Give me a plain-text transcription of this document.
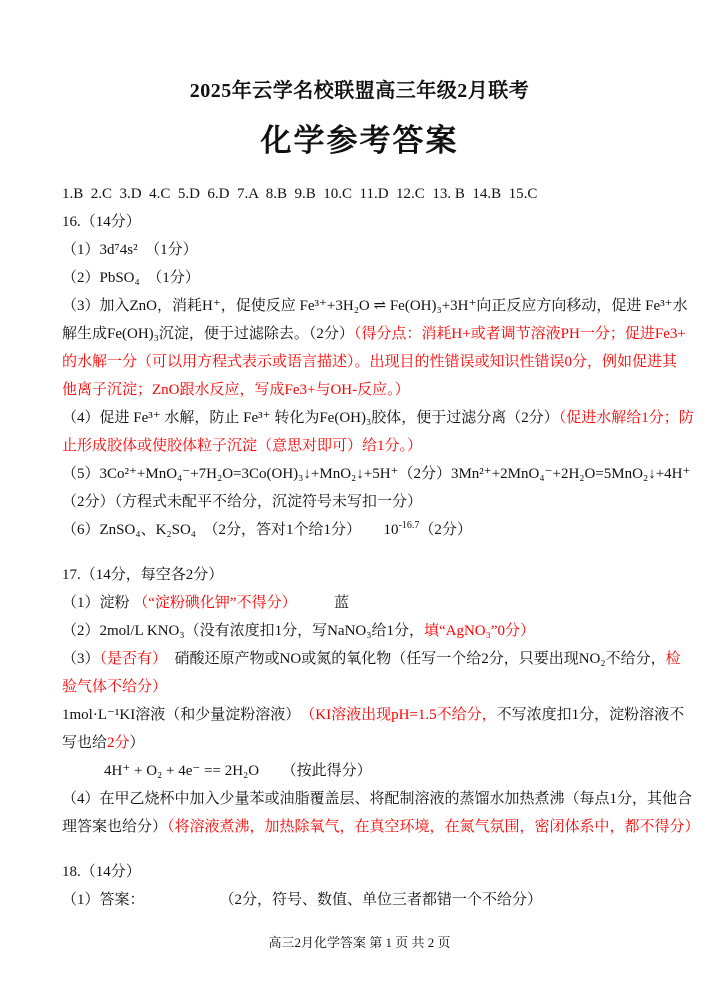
2025年云学名校联盟高三年级2月联考
化学参考答案
1.B  2.C  3.D  4.C  5.D  6.D  7.A  8.B  9.B  10.C  11.D  12.C  13. B  14.B  15.C
16.（14分）
（1）3d⁷4s²　（1分）
（2）PbSO₄　（1分）
（3）加入ZnO，消耗H⁺，促使反应 Fe³⁺+3H₂O ⇌ Fe(OH)₃+3H⁺向正反应方向移动，促进 Fe³⁺水
解生成Fe(OH)₃沉淀，便于过滤除去。（2分）（得分点：消耗H+或者调节溶液PH一分；促进Fe3+
的水解一分（可以用方程式表示或语言描述）。出现目的性错误或知识性错误0分，例如促进其
他离子沉淀；ZnO跟水反应，写成Fe3+与OH-反应。）
（4）促进 Fe³⁺ 水解，防止 Fe³⁺ 转化为Fe(OH)₃胶体，便于过滤分离（2分）（促进水解给1分；防
止形成胶体或使胶体粒子沉淀（意思对即可）给1分。）
（5）3Co²⁺+MnO₄⁻+7H₂O=3Co(OH)₃↓+MnO₂↓+5H⁺（2分）3Mn²⁺+2MnO₄⁻+2H₂O=5MnO₂↓+4H⁺
（2分）（方程式未配平不给分，沉淀符号未写扣一分）
（6）ZnSO₄、K₂SO₄　（2分，答对1个给1分）　　$10^{-16.7}(2$分）
17.（14分，每空各2分）
（1）淀粉 （“淀粉碘化钾”不得分）　　　蓝
（2）2mol/L KNO₃（没有浓度扣1分，写NaNO₃给1分，填“AgNO₃”0分）
（3）（是否有）　硝酸还原产物或NO或氮的氧化物（任写一个给2分，只要出现NO₂不给分，检
验气体不给分）
1mol·L⁻¹KI溶液（和少量淀粉溶液）　（KI溶液出现pH=1.5不给分，不写浓度扣1分，淀粉溶液不
写也给2分）
4H⁺ + O₂ + 4e⁻ == 2H₂O　　（按此得分）
（4）在甲乙烧杯中加入少量苯或油脂覆盖层、将配制溶液的蒸馏水加热煮沸（每点1分，其他合
理答案也给分）（将溶液煮沸，加热除氧气，在真空环境，在氮气氛围，密闭体系中，都不得分）
18.（14分）
（1）答案：　　　　　　（2分，符号、数值、单位三者都错一个不给分）
高三2月化学答案 第 1 页 共 2 页
